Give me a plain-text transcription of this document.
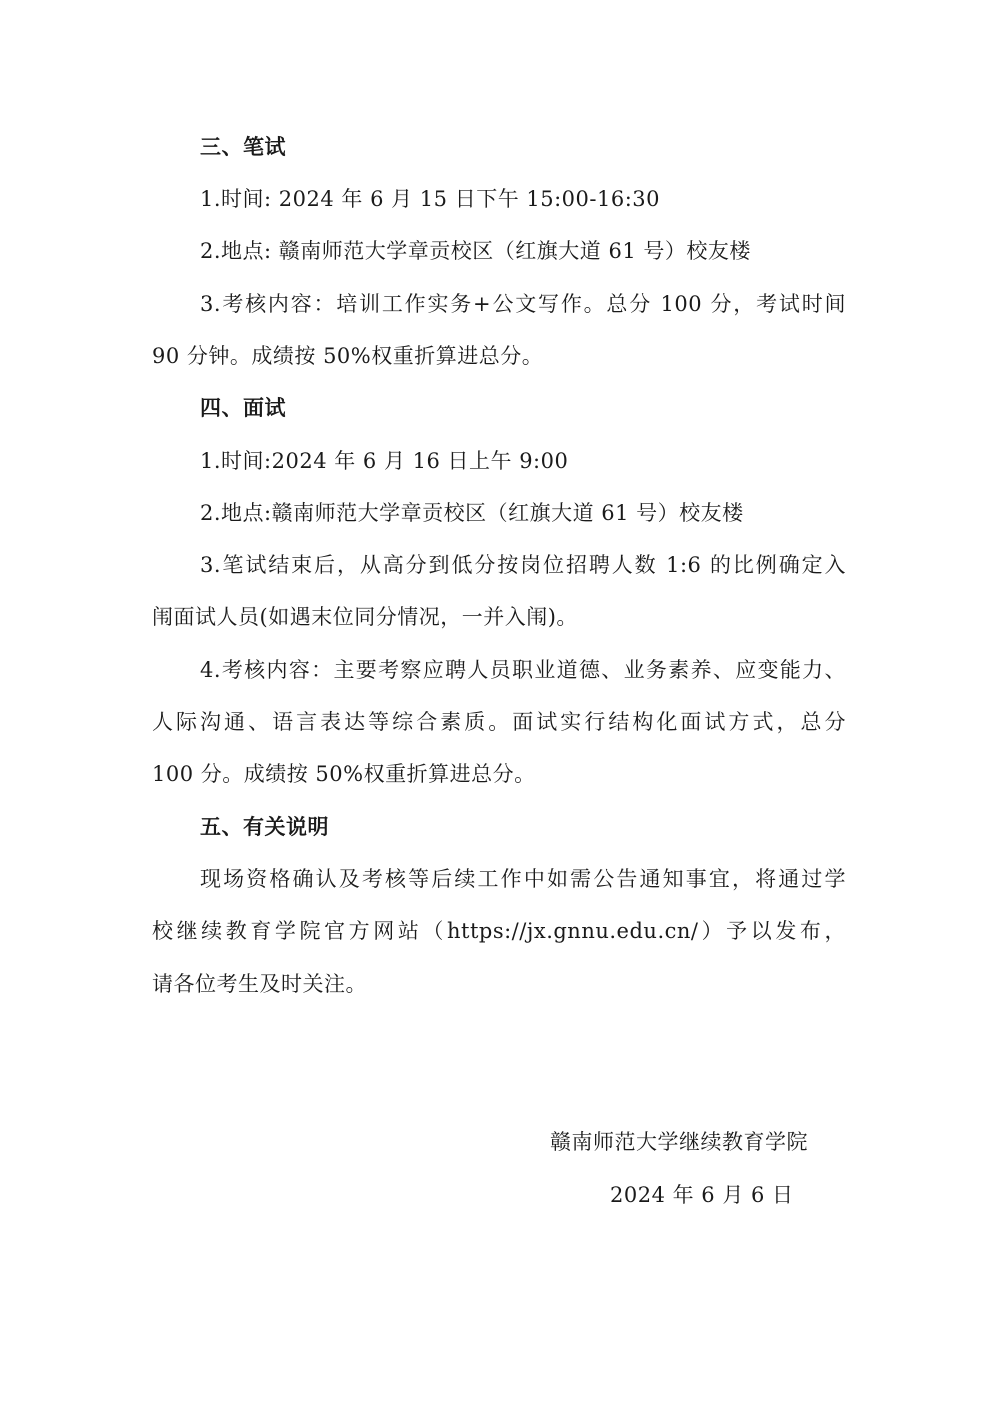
三、笔试
1.时间: 2024 年 6 月 15 日下午 15:00-16:30
2.地点: 赣南师范大学章贡校区（红旗大道 61 号）校友楼
3.考核内容：培训工作实务+公文写作。总分 100 分，考试时间
90 分钟。成绩按 50%权重折算进总分。
四、面试
1.时间:2024 年 6 月 16 日上午 9:00
2.地点:赣南师范大学章贡校区（红旗大道 61 号）校友楼
3.笔试结束后，从高分到低分按岗位招聘人数 1:6 的比例确定入
闱面试人员(如遇末位同分情况，一并入闱)。
4.考核内容：主要考察应聘人员职业道德、业务素养、应变能力、
人际沟通、语言表达等综合素质。面试实行结构化面试方式，总分
100 分。成绩按 50%权重折算进总分。
五、有关说明
现场资格确认及考核等后续工作中如需公告通知事宜，将通过学
校继续教育学院官方网站（https://jx.gnnu.edu.cn/）予以发布，
请各位考生及时关注。
赣南师范大学继续教育学院
2024 年 6 月 6 日
